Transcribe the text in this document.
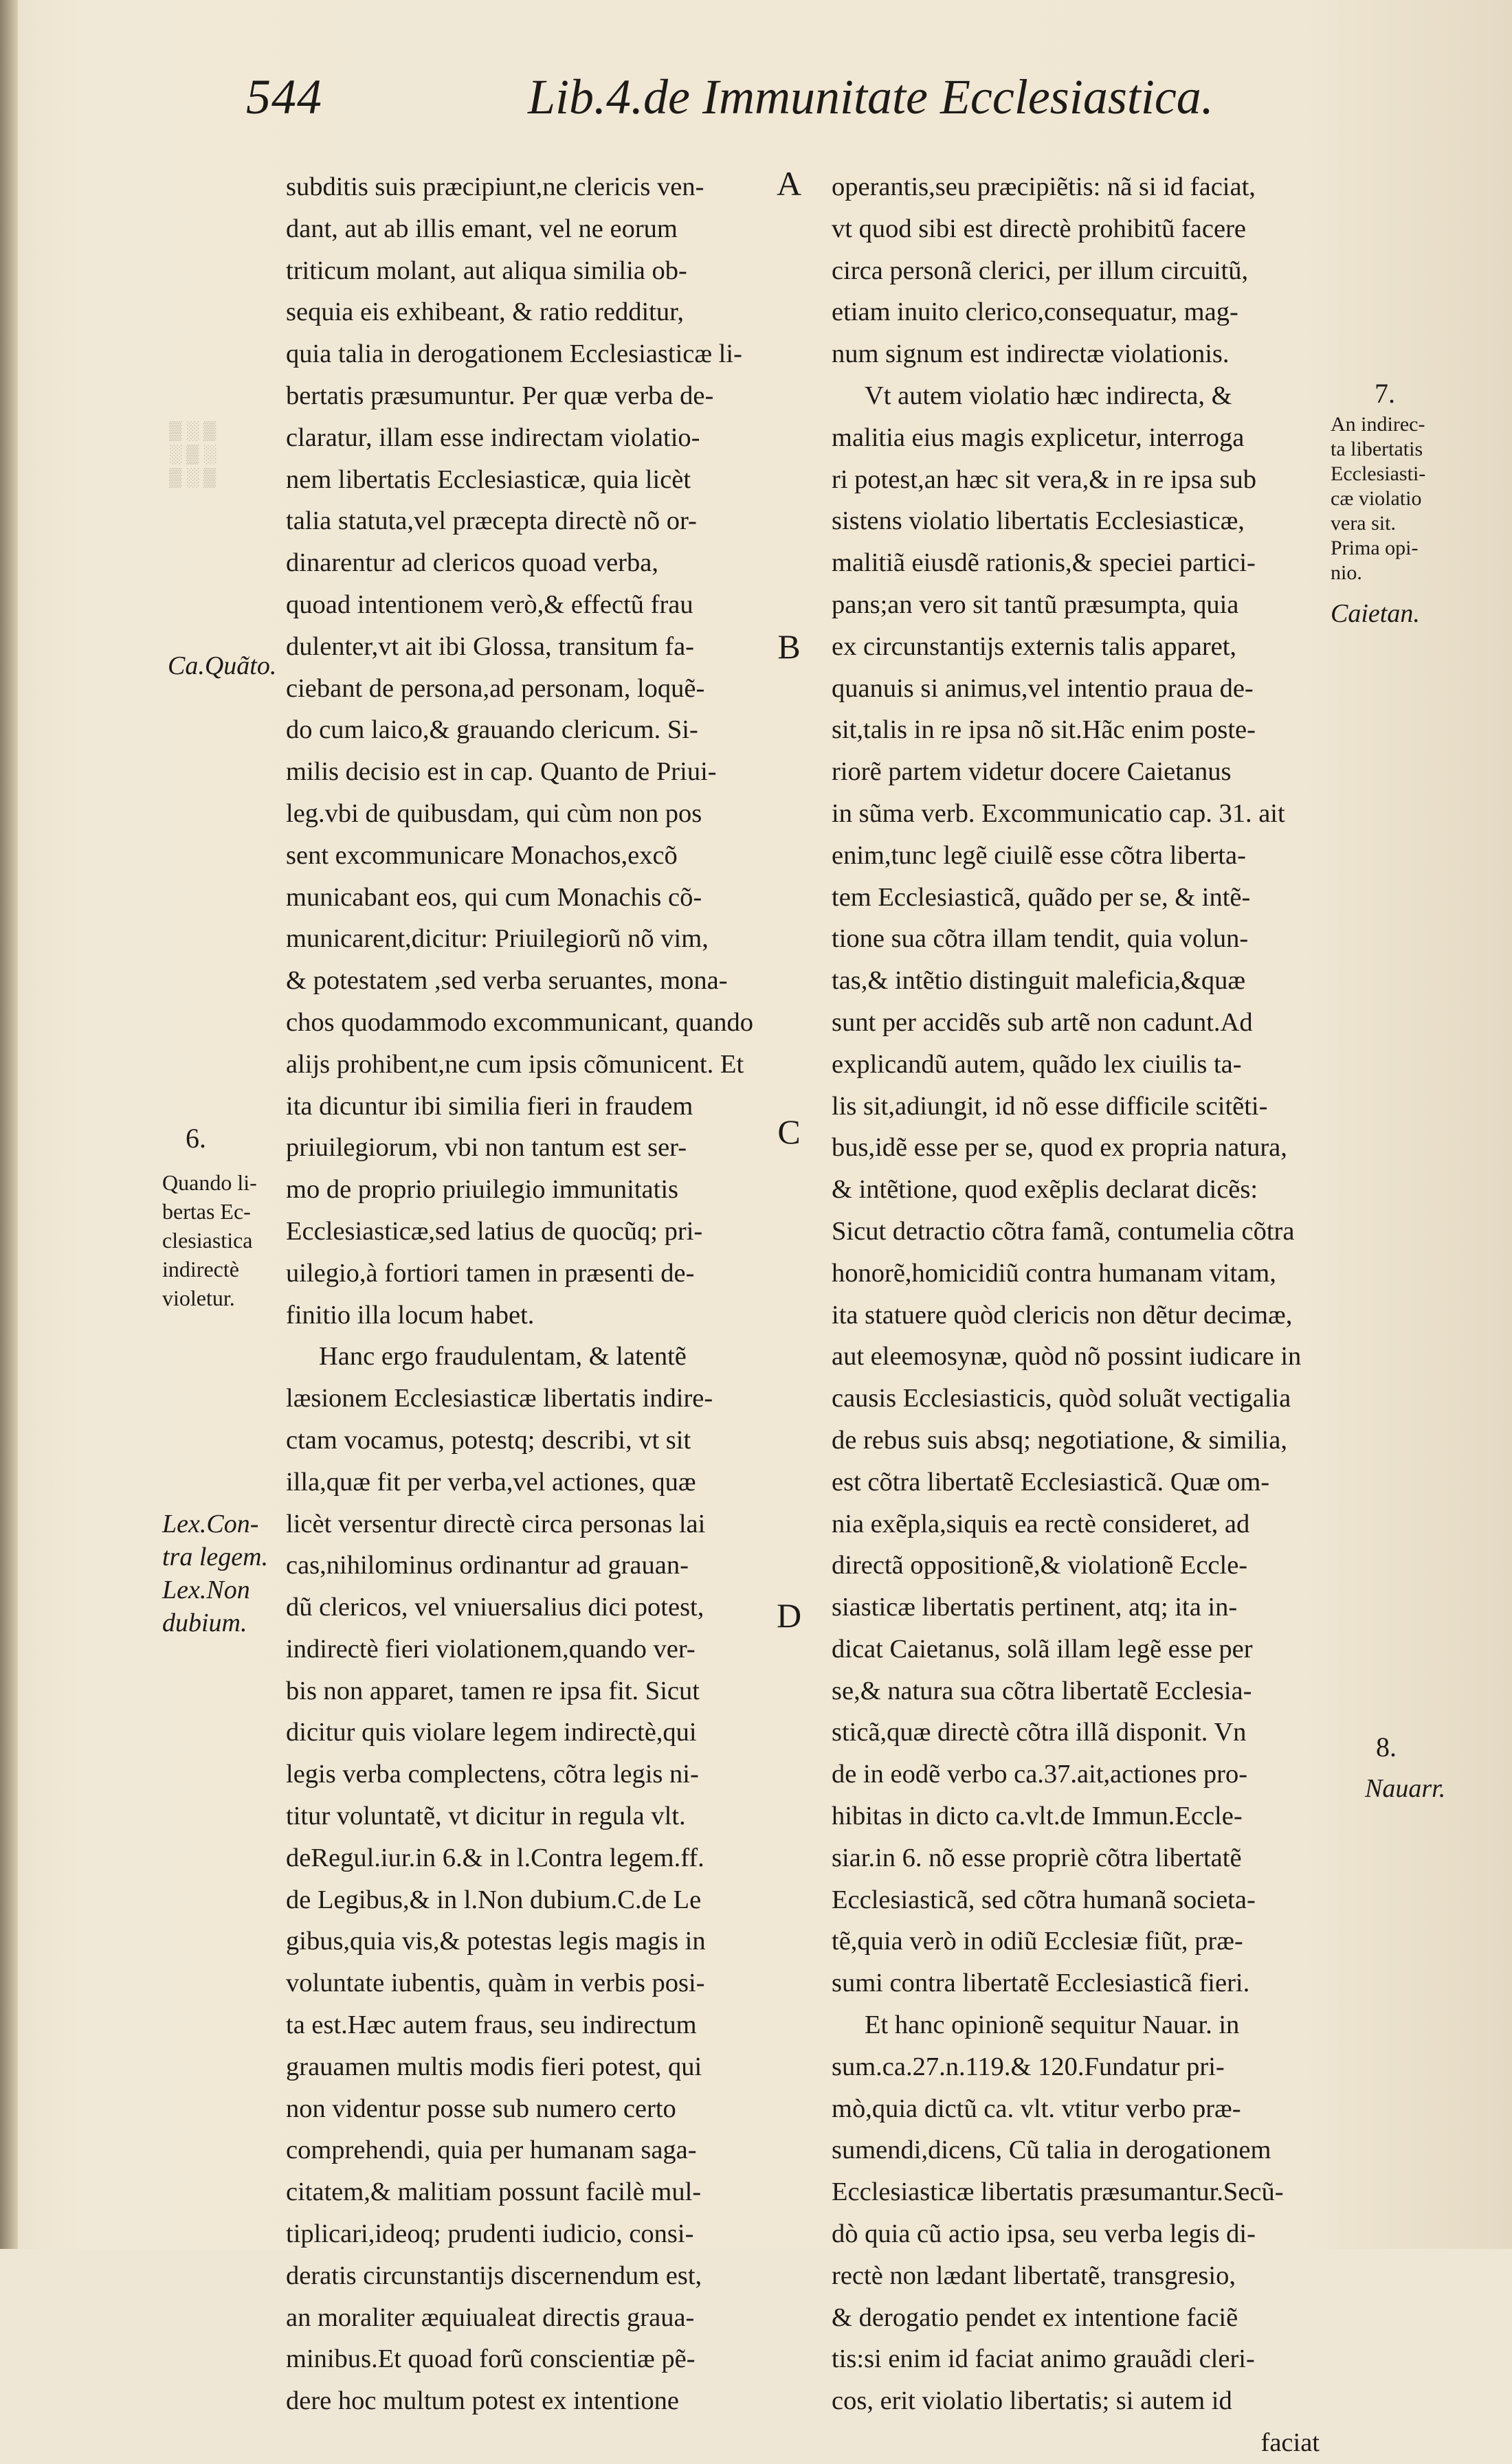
544	Lib.4.de Immunitate Ecclesiastica.
subditis suis præcipiunt,ne clericis ven-
dant, aut ab illis emant, vel ne eorum
triticum molant, aut aliqua similia ob-
sequia eis exhibeant, & ratio redditur,
quia talia in derogationem Ecclesiasticæ li-
bertatis præsumuntur. Per quæ verba de-
claratur, illam esse indirectam violatio-
nem libertatis Ecclesiasticæ, quia licèt
talia statuta,vel præcepta directè nõ or-
dinarentur ad clericos quoad verba,
quoad intentionem verò,& effectũ frau
dulenter,vt ait ibi Glossa, transitum fa-
ciebant de persona,ad personam, loquẽ-
do cum laico,& grauando clericum. Si-
milis decisio est in cap. Quanto de Priui-
leg.vbi de quibusdam, qui cùm non pos
sent excommunicare Monachos,excõ
municabant eos, qui cum Monachis cõ-
municarent,dicitur: Priuilegiorũ nõ vim,
& potestatem ,sed verba seruantes, mona-
chos quodammodo excommunicant, quando
alijs prohibent,ne cum ipsis cõmunicent. Et
ita dicuntur ibi similia fieri in fraudem
priuilegiorum, vbi non tantum est ser-
mo de proprio priuilegio immunitatis
Ecclesiasticæ,sed latius de quocũq; pri-
uilegio,à fortiori tamen in præsenti de-
finitio illa locum habet.
Hanc ergo fraudulentam, & latentẽ
læsionem Ecclesiasticæ libertatis indire-
ctam vocamus, potestq; describi, vt sit
illa,quæ fit per verba,vel actiones, quæ
licèt versentur directè circa personas lai
cas,nihilominus ordinantur ad grauan-
dũ clericos, vel vniuersalius dici potest,
indirectè fieri violationem,quando ver-
bis non apparet, tamen re ipsa fit. Sicut
dicitur quis violare legem indirectè,qui
legis verba complectens, cõtra legis ni-
titur voluntatẽ, vt dicitur in regula vlt.
deRegul.iur.in 6.& in l.Contra legem.ff.
de Legibus,& in l.Non dubium.C.de Le
gibus,quia vis,& potestas legis magis in
voluntate iubentis, quàm in verbis posi-
ta est.Hæc autem fraus, seu indirectum
grauamen multis modis fieri potest, qui
non videntur posse sub numero certo
comprehendi, quia per humanam saga-
citatem,& malitiam possunt facilè mul-
tiplicari,ideoq; prudenti iudicio, consi-
deratis circunstantijs discernendum est,
an moraliter æquiualeat directis graua-
minibus.Et quoad forũ conscientiæ pẽ-
dere hoc multum potest ex intentione
operantis,seu præcipiẽtis: nã si id faciat,
vt quod sibi est directè prohibitũ facere
circa personã clerici, per illum circuitũ,
etiam inuito clerico,consequatur, mag-
num signum est indirectæ violationis.
Vt autem violatio hæc indirecta, &
malitia eius magis explicetur, interroga
ri potest,an hæc sit vera,& in re ipsa sub
sistens violatio libertatis Ecclesiasticæ,
malitiã eiusdẽ rationis,& speciei partici-
pans;an vero sit tantũ præsumpta, quia
ex circunstantijs externis talis apparet,
quanuis si animus,vel intentio praua de-
sit,talis in re ipsa nõ sit.Hãc enim poste-
riorẽ partem videtur docere Caietanus
in sũma verb. Excommunicatio cap. 31. ait
enim,tunc legẽ ciuilẽ esse cõtra liberta-
tem Ecclesiasticã, quãdo per se, & intẽ-
tione sua cõtra illam tendit, quia volun-
tas,& intẽtio distinguit maleficia,&quæ
sunt per accidẽs sub artẽ non cadunt.Ad
explicandũ autem, quãdo lex ciuilis ta-
lis sit,adiungit, id nõ esse difficile scitẽti-
bus,idẽ esse per se, quod ex propria natura,
& intẽtione, quod exẽplis declarat dicẽs:
Sicut detractio cõtra famã, contumelia cõtra
honorẽ,homicidiũ contra humanam vitam,
ita statuere quòd clericis non dẽtur decimæ,
aut eleemosynæ, quòd nõ possint iudicare in
causis Ecclesiasticis, quòd soluãt vectigalia
de rebus suis absq; negotiatione, & similia,
est cõtra libertatẽ Ecclesiasticã. Quæ om-
nia exẽpla,siquis ea rectè consideret, ad
directã oppositionẽ,& violationẽ Eccle-
siasticæ libertatis pertinent, atq; ita in-
dicat Caietanus, solã illam legẽ esse per
se,& natura sua cõtra libertatẽ Ecclesia-
sticã,quæ directè cõtra illã disponit. Vn
de in eodẽ verbo ca.37.ait,actiones pro-
hibitas in dicto ca.vlt.de Immun.Eccle-
siar.in 6. nõ esse propriè cõtra libertatẽ
Ecclesiasticã, sed cõtra humanã societa-
tẽ,quia verò in odiũ Ecclesiæ fiũt, præ-
sumi contra libertatẽ Ecclesiasticã fieri.
Et hanc opinionẽ sequitur Nauar. in
sum.ca.27.n.119.& 120.Fundatur pri-
mò,quia dictũ ca. vlt. vtitur verbo præ-
sumendi,dicens, Cũ talia in derogationem
Ecclesiasticæ libertatis præsumantur.Secũ-
dò quia cũ actio ipsa, seu verba legis di-
rectè non lædant libertatẽ, transgresio,
& derogatio pendet ex intentione faciẽ
tis:si enim id faciat animo grauãdi cleri-
cos, erit violatio libertatis; si autem id
faciat
A
B
C
D
▒ ░ ▒
░ ▒ ░
▒ ░ ▒
Ca.Quãto.
6.
Quando li-
bertas Ec-
clesiastica
indirectè
violetur.
Lex.Con-
tra legem.
Lex.Non
dubium.
7.
An indirec-
ta libertatis
Ecclesiasti-
cæ violatio
vera sit.
Prima opi-
nio.
Caietan.
8.
Nauarr.
